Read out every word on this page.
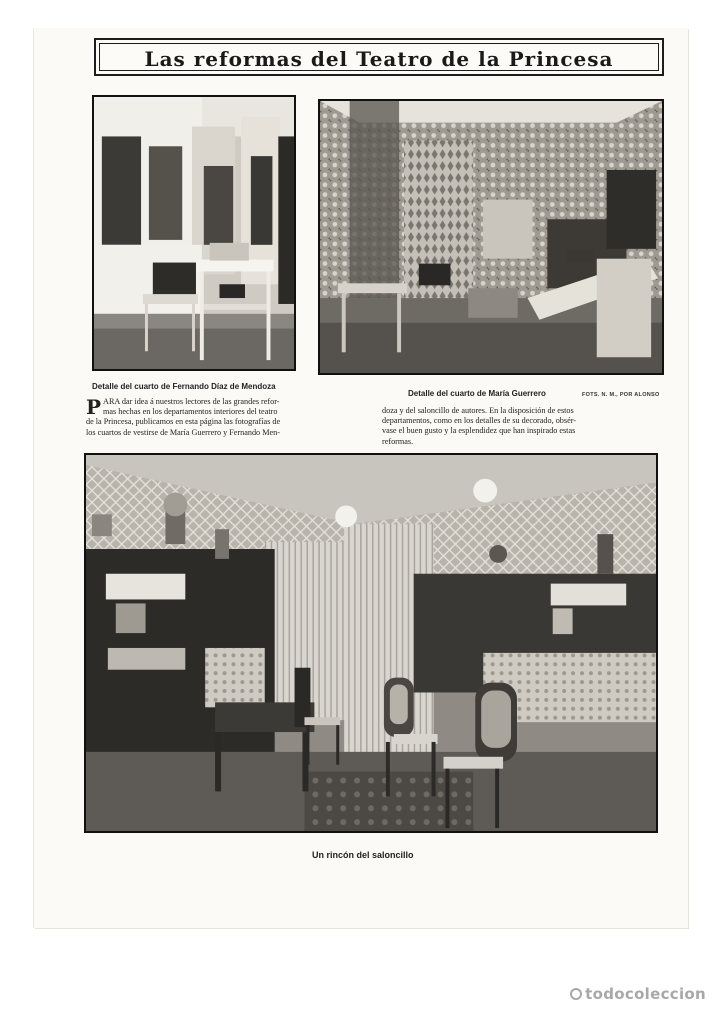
Las reformas del Teatro de la Princesa
Detalle del cuarto de Fernando Díaz de Mendoza
Detalle del cuarto de María Guerrero	FOTS. N. M., POR ALONSO
P ARA dar idea á nuestros lectores de las grandes refor-
mas hechas en los departamentos interiores del teatro
de la Princesa, publicamos en esta página las fotografías de
los cuartos de vestirse de María Guerrero y Fernando Men-
doza y del saloncillo de autores. En la disposición de estos
departamentos, como en los detalles de su decorado, obsér-
vase el buen gusto y la esplendidez que han inspirado estas
reformas.
Un rincón del saloncillo
todocoleccion
